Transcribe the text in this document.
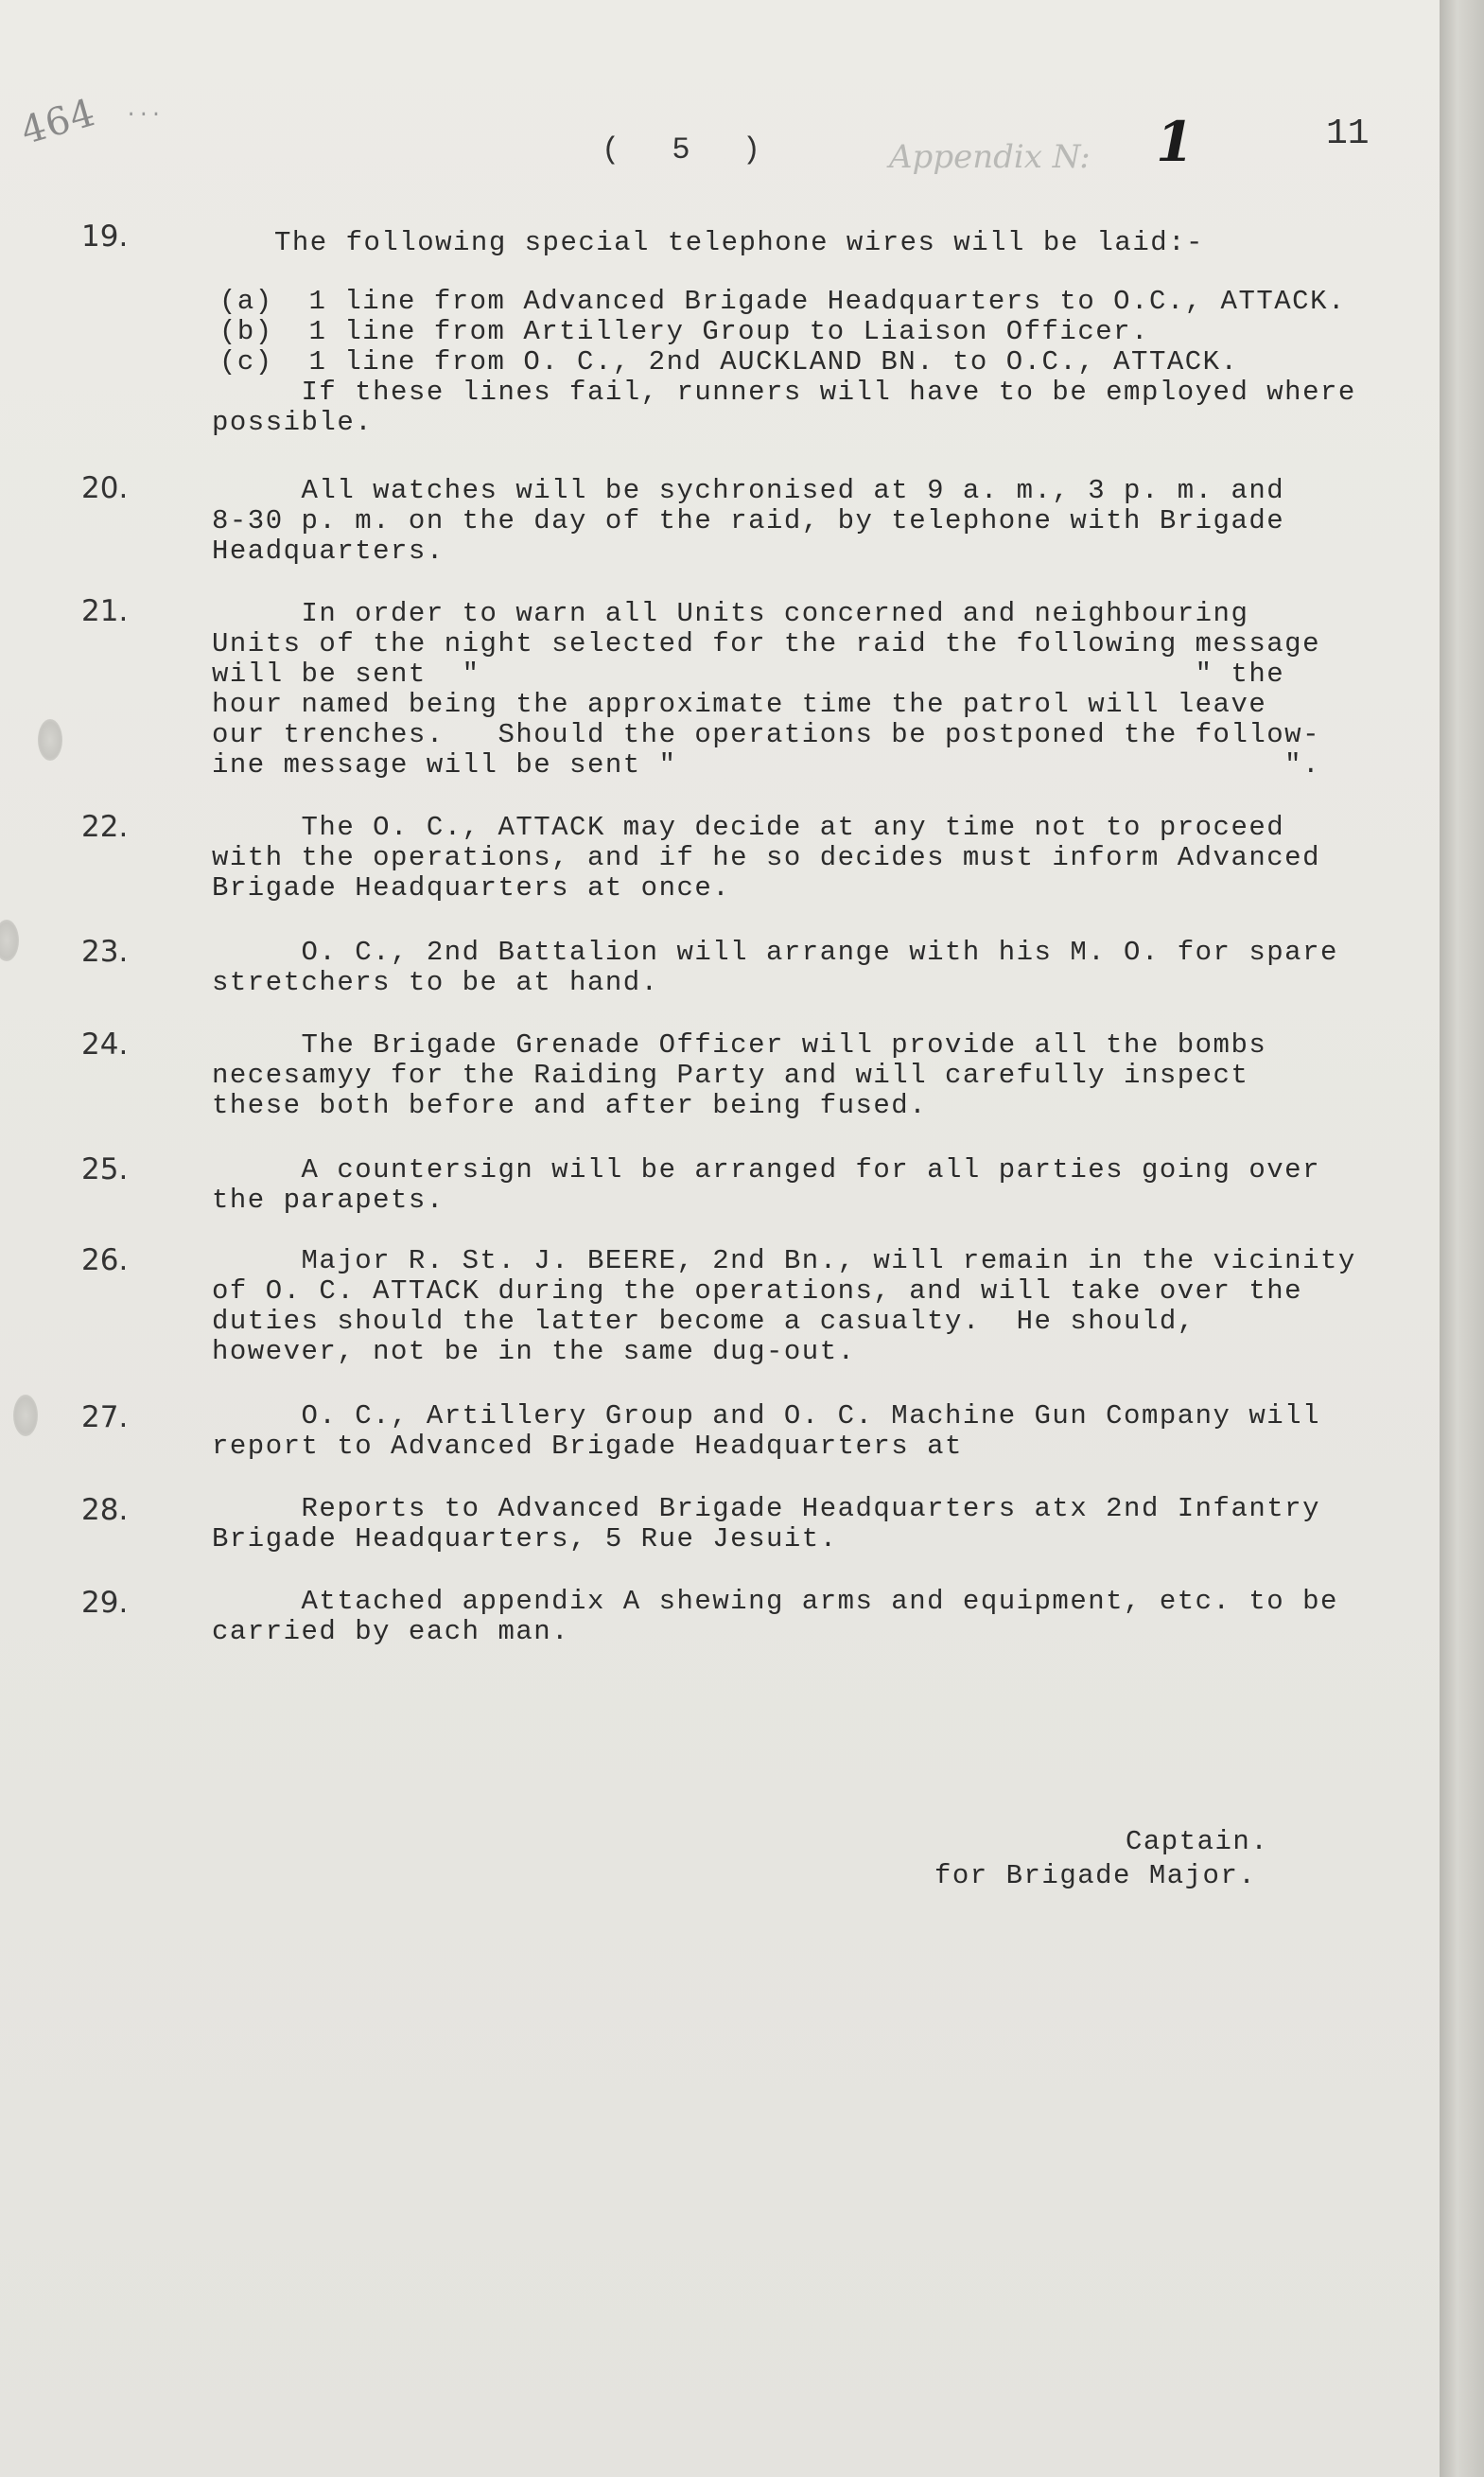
464 ...
( 5 )	Appendix N: 1	11
19.	The following special telephone wires will be laid:-
(a)  1 line from Advanced Brigade Headquarters to O.C., ATTACK.
(b)  1 line from Artillery Group to Liaison Officer.
(c)  1 line from O. C., 2nd AUCKLAND BN. to O.C., ATTACK.
If these lines fail, runners will have to be employed where
possible.
20.	All watches will be sychronised at 9 a. m., 3 p. m. and
8-30 p. m. on the day of the raid, by telephone with Brigade
Headquarters.
21.	In order to warn all Units concerned and neighbouring
Units of the night selected for the raid the following message
will be sent  "                                        " the
hour named being the approximate time the patrol will leave
our trenches.   Should the operations be postponed the follow-
ine message will be sent "                                  ".
22.	The O. C., ATTACK may decide at any time not to proceed
with the operations, and if he so decides must inform Advanced
Brigade Headquarters at once.
23.	O. C., 2nd Battalion will arrange with his M. O. for spare
stretchers to be at hand.
24.	The Brigade Grenade Officer will provide all the bombs
necesamyy for the Raiding Party and will carefully inspect
these both before and after being fused.
25.	A countersign will be arranged for all parties going over
the parapets.
26.	Major R. St. J. BEERE, 2nd Bn., will remain in the vicinity
of O. C. ATTACK during the operations, and will take over the
duties should the latter become a casualty.  He should,
however, not be in the same dug-out.
27.	O. C., Artillery Group and O. C. Machine Gun Company will
report to Advanced Brigade Headquarters at
28.	Reports to Advanced Brigade Headquarters atx 2nd Infantry
Brigade Headquarters, 5 Rue Jesuit.
29.	Attached appendix A shewing arms and equipment, etc. to be
carried by each man.
Captain.
for Brigade Major.
